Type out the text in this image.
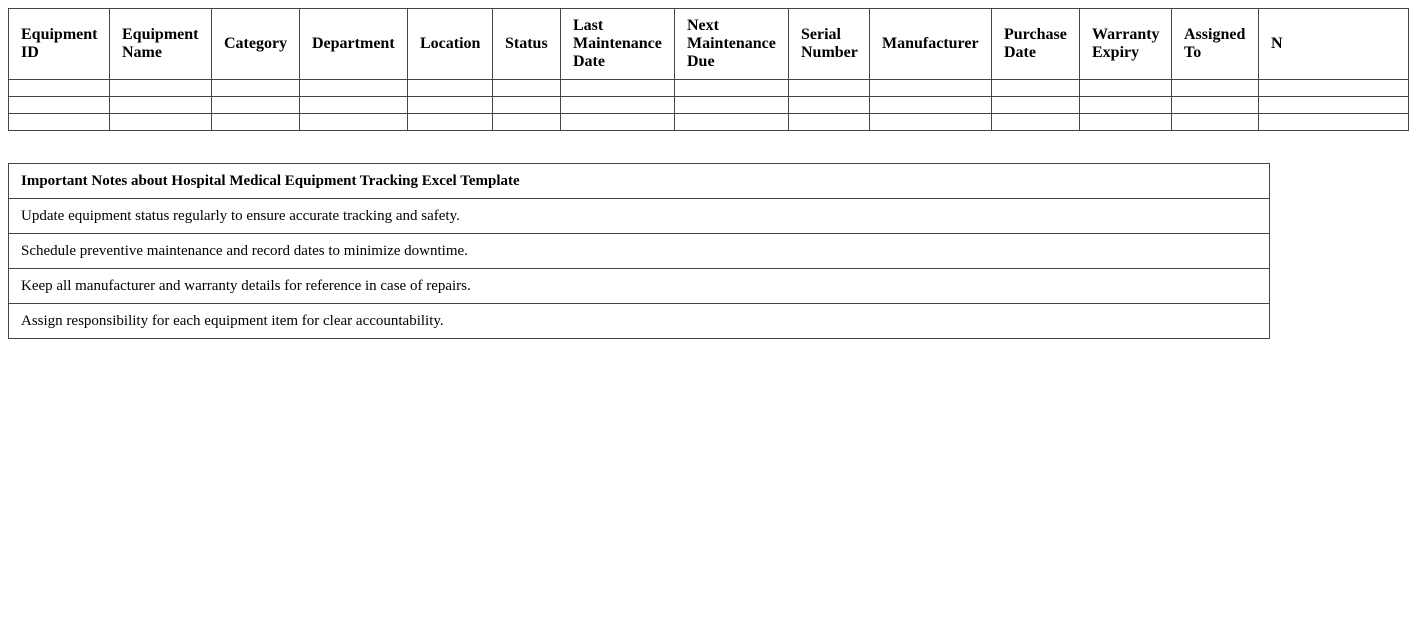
Equipment ID	Equipment Name	Category	Department	Location	Status	Last Maintenance Date	Next Maintenance Due	Serial Number	Manufacturer	Purchase Date	Warranty Expiry	Assigned To	N

Important Notes about Hospital Medical Equipment Tracking Excel Template
Update equipment status regularly to ensure accurate tracking and safety.
Schedule preventive maintenance and record dates to minimize downtime.
Keep all manufacturer and warranty details for reference in case of repairs.
Assign responsibility for each equipment item for clear accountability.
